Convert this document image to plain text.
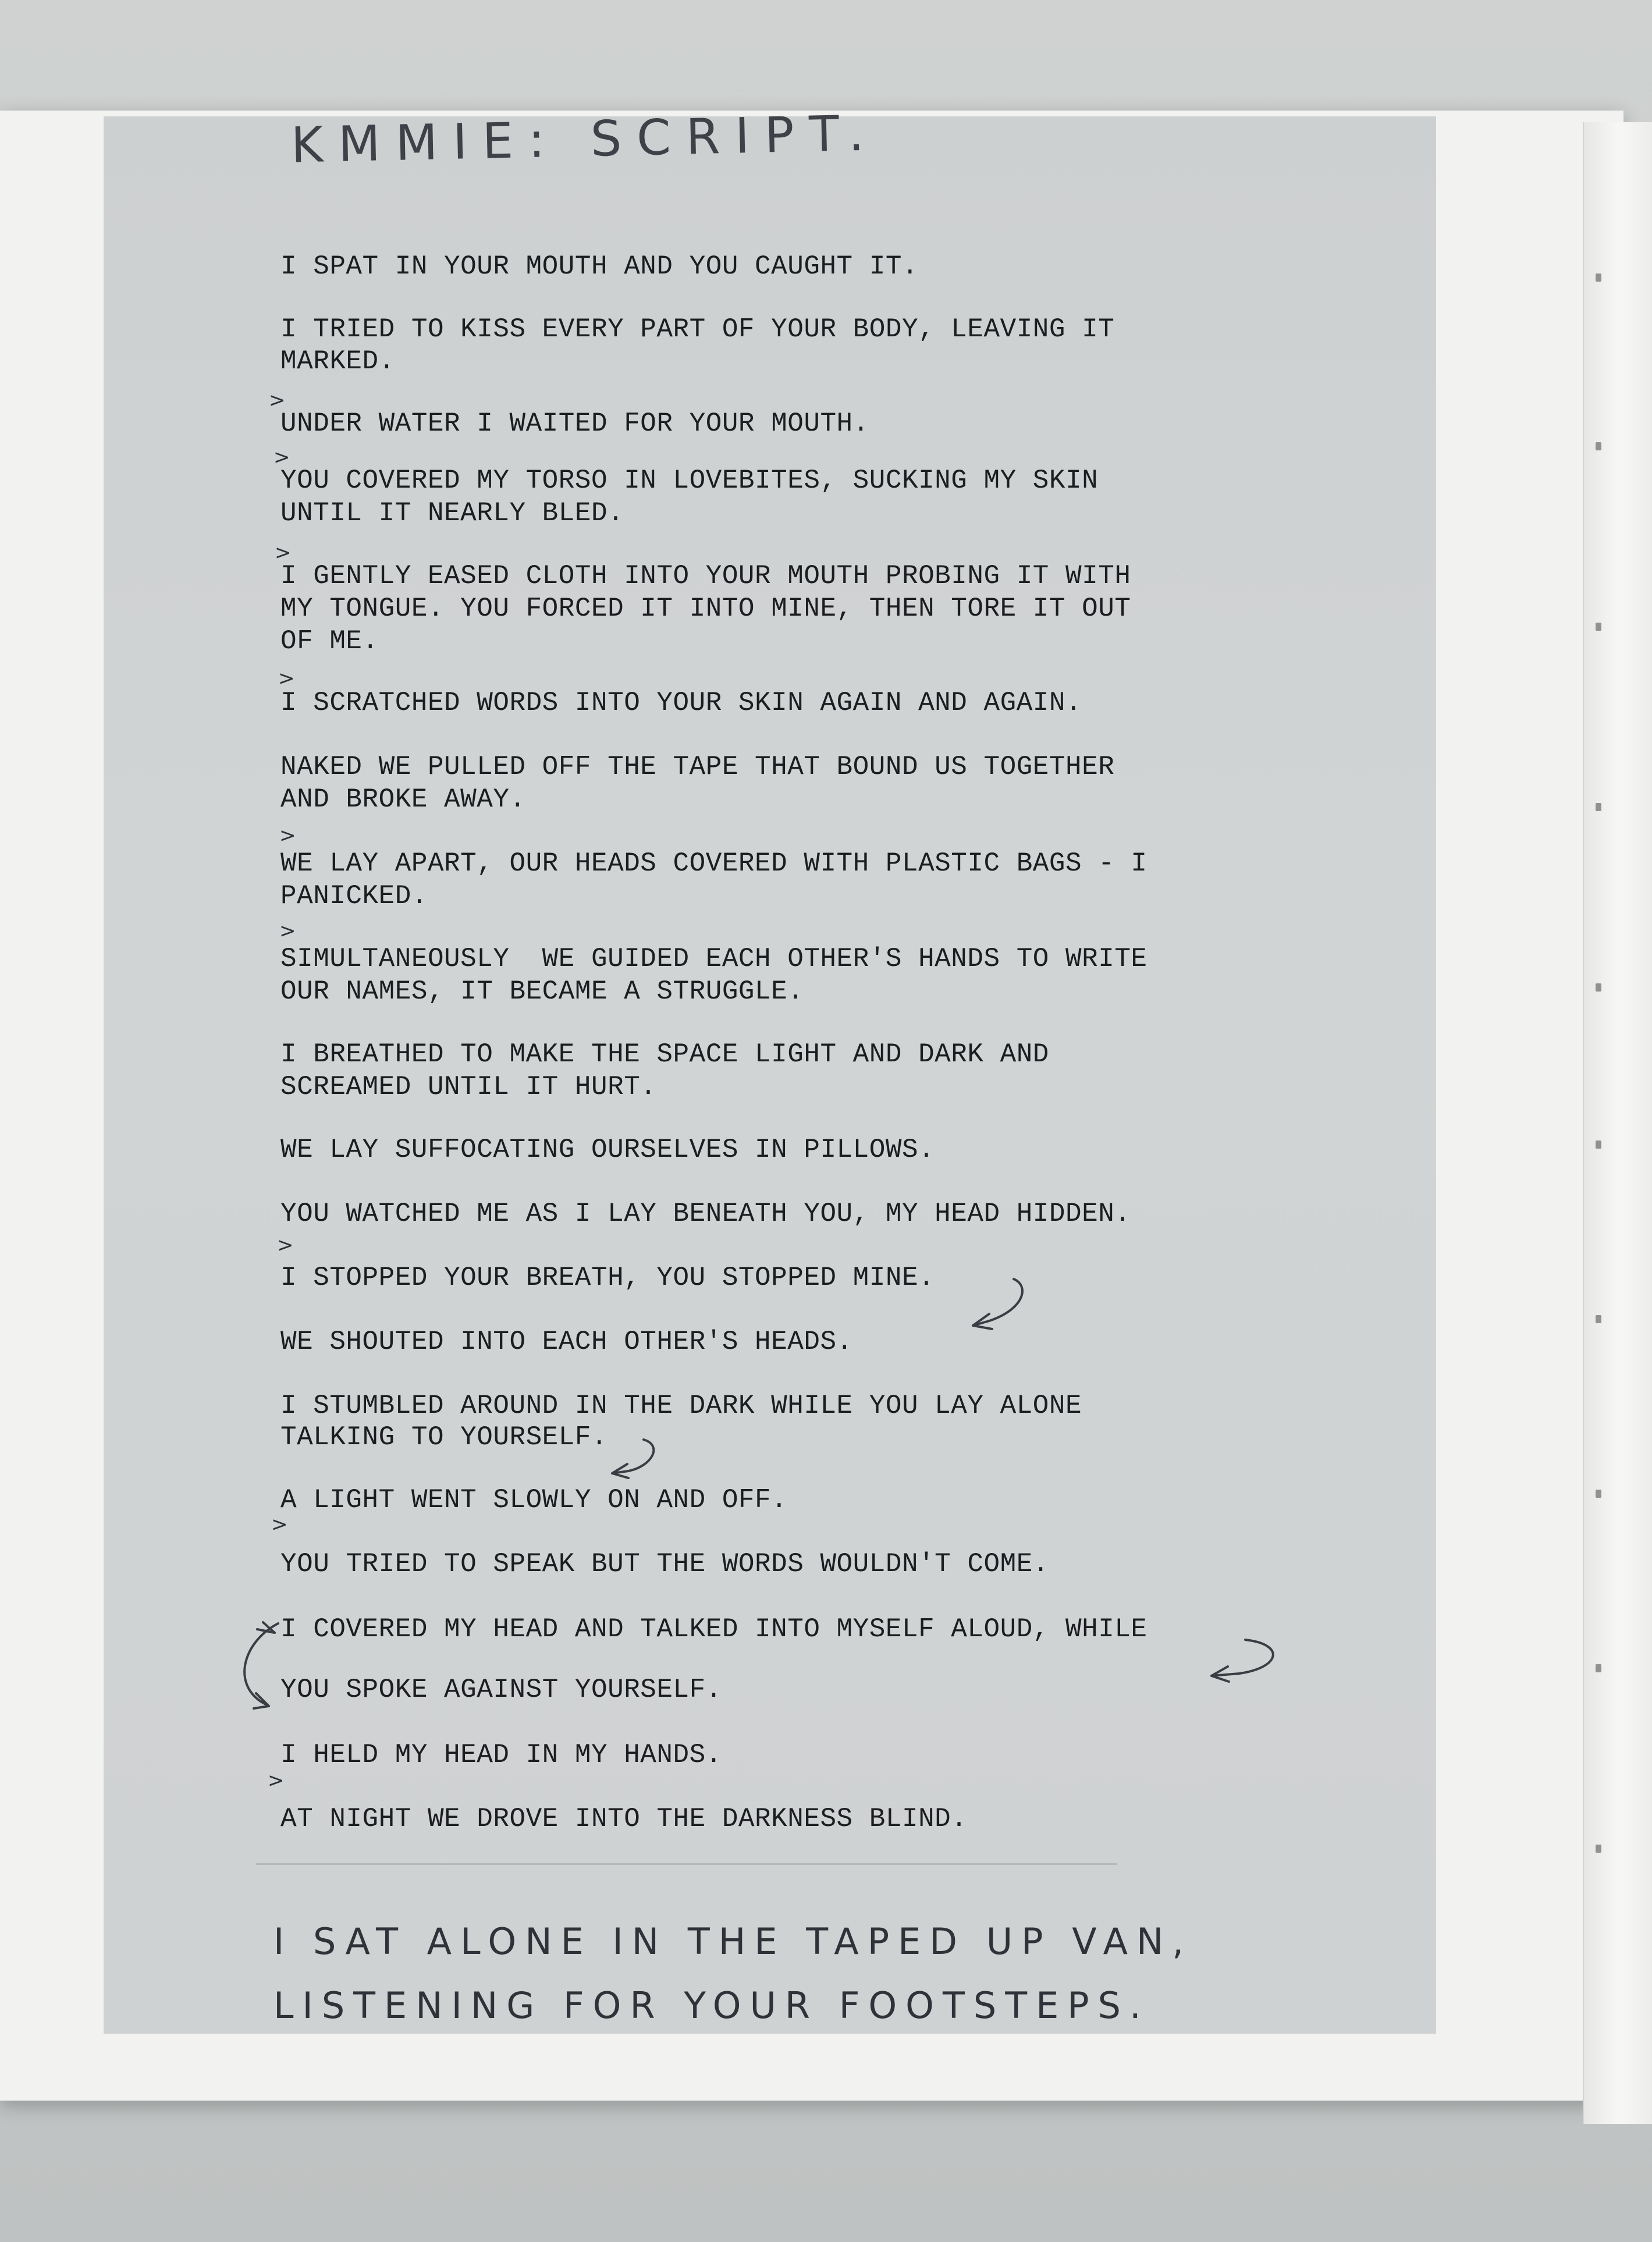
KMMIE: SCRIPT.
I SPAT IN YOUR MOUTH AND YOU CAUGHT IT.
I TRIED TO KISS EVERY PART OF YOUR BODY, LEAVING IT
MARKED.
UNDER WATER I WAITED FOR YOUR MOUTH.
YOU COVERED MY TORSO IN LOVEBITES, SUCKING MY SKIN
UNTIL IT NEARLY BLED.
I GENTLY EASED CLOTH INTO YOUR MOUTH PROBING IT WITH
MY TONGUE. YOU FORCED IT INTO MINE, THEN TORE IT OUT
OF ME.
I SCRATCHED WORDS INTO YOUR SKIN AGAIN AND AGAIN.
NAKED WE PULLED OFF THE TAPE THAT BOUND US TOGETHER
AND BROKE AWAY.
WE LAY APART, OUR HEADS COVERED WITH PLASTIC BAGS - I
PANICKED.
SIMULTANEOUSLY  WE GUIDED EACH OTHER'S HANDS TO WRITE
OUR NAMES, IT BECAME A STRUGGLE.
I BREATHED TO MAKE THE SPACE LIGHT AND DARK AND
SCREAMED UNTIL IT HURT.
WE LAY SUFFOCATING OURSELVES IN PILLOWS.
YOU WATCHED ME AS I LAY BENEATH YOU, MY HEAD HIDDEN.
I STOPPED YOUR BREATH, YOU STOPPED MINE.
WE SHOUTED INTO EACH OTHER'S HEADS.
I STUMBLED AROUND IN THE DARK WHILE YOU LAY ALONE
TALKING TO YOURSELF.
A LIGHT WENT SLOWLY ON AND OFF.
YOU TRIED TO SPEAK BUT THE WORDS WOULDN'T COME.
I COVERED MY HEAD AND TALKED INTO MYSELF ALOUD, WHILE
YOU SPOKE AGAINST YOURSELF.
I HELD MY HEAD IN MY HANDS.
AT NIGHT WE DROVE INTO THE DARKNESS BLIND.
>
>
>
>
>
>
>
>
>
I SAT ALONE IN THE TAPED UP VAN,
LISTENING FOR YOUR FOOTSTEPS.
